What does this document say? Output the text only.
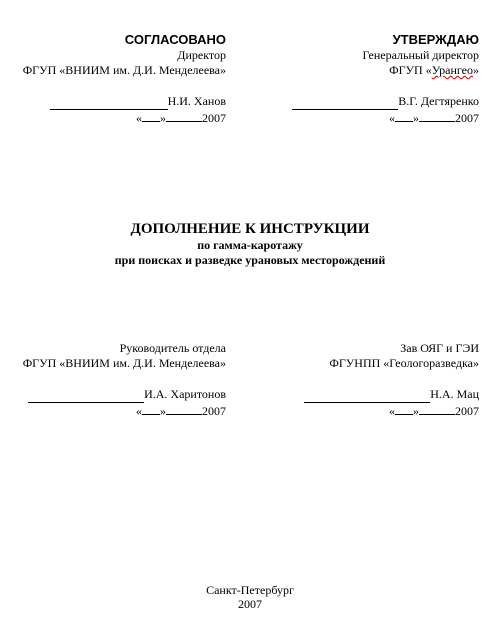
СОГЛАСОВАНО
Директор
ФГУП «ВНИИМ им. Д.И. Менделеева»
Н.И. Ханов
« »	2007
УТВЕРЖДАЮ
Генеральный директор
ФГУП «Урангео»
В.Г. Дегтяренко
« »	2007
ДОПОЛНЕНИЕ К ИНСТРУКЦИИ
по гамма-каротажу
при поисках и разведке урановых месторождений
Руководитель отдела
ФГУП «ВНИИМ им. Д.И. Менделеева»
И.А. Харитонов
« »	2007
Зав ОЯГ и ГЭИ
ФГУНПП «Геологоразведка»
Н.А. Мац
« »	2007
Санкт-Петербург
2007
